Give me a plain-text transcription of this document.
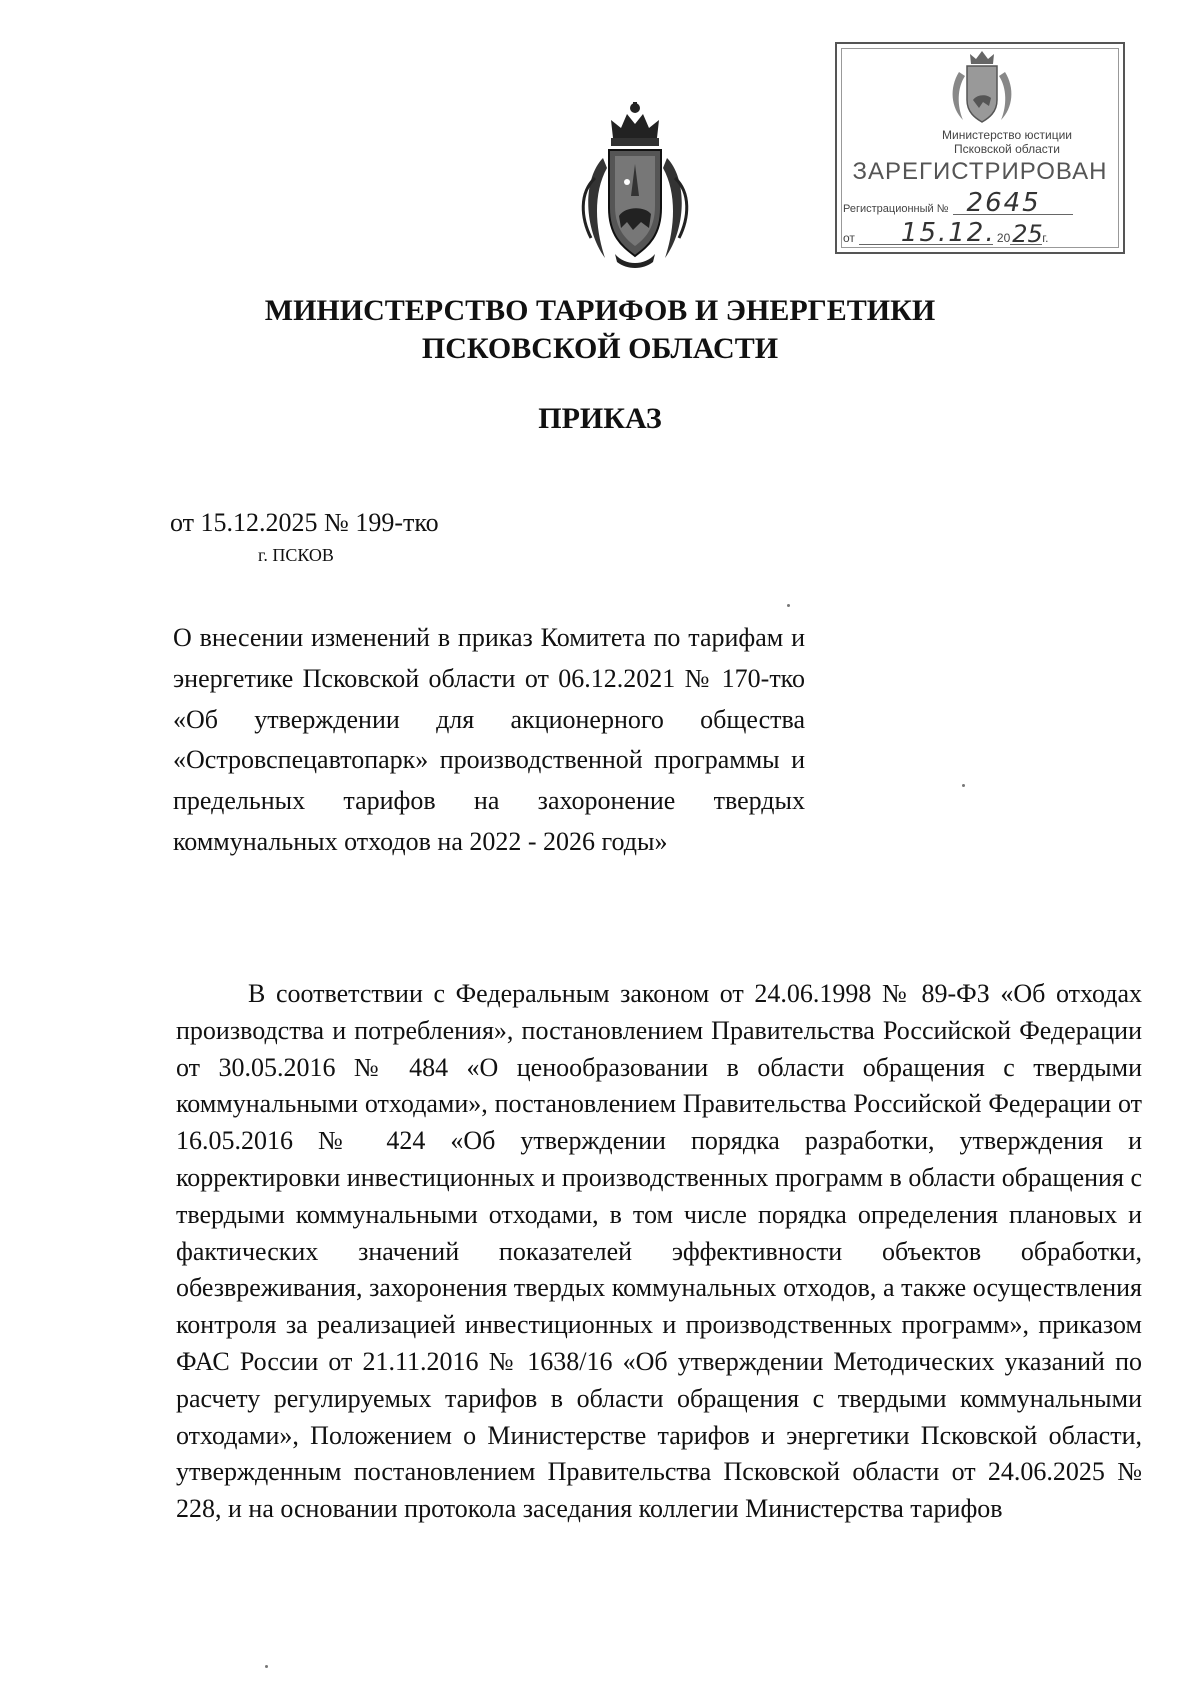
Министерство юстиции
Псковской области
ЗАРЕГИСТРИРОВАН
Регистрационный № 2645
от 15.12. 20 25 г.
МИНИСТЕРСТВО ТАРИФОВ И ЭНЕРГЕТИКИ
ПСКОВСКОЙ ОБЛАСТИ
ПРИКАЗ
от 15.12.2025 № 199-тко
г. ПСКОВ
О внесении изменений в приказ Комитета по тарифам и энергетике Псковской области от 06.12.2021 № 170-тко «Об утверждении для акционерного общества «Островспецавтопарк» производственной программы и предельных тарифов на захоронение твердых коммунальных отходов на 2022 - 2026 годы»
В соответствии с Федеральным законом от 24.06.1998 № 89-ФЗ «Об отходах производства и потребления», постановлением Правительства Российской Федерации от 30.05.2016 № 484 «О ценообразовании в области обращения с твердыми коммунальными отходами», постановлением Правительства Российской Федерации от 16.05.2016 № 424 «Об утверждении порядка разработки, утверждения и корректировки инвестиционных и производственных программ в области обращения с твердыми коммунальными отходами, в том числе порядка определения плановых и фактических значений показателей эффективности объектов обработки, обезвреживания, захоронения твердых коммунальных отходов, а также осуществления контроля за реализацией инвестиционных и производственных программ», приказом ФАС России от 21.11.2016 № 1638/16 «Об утверждении Методических указаний по расчету регулируемых тарифов в области обращения с твердыми коммунальными отходами», Положением о Министерстве тарифов и энергетики Псковской области, утвержденным постановлением Правительства Псковской области от 24.06.2025 № 228, и на основании протокола заседания коллегии Министерства тарифов
